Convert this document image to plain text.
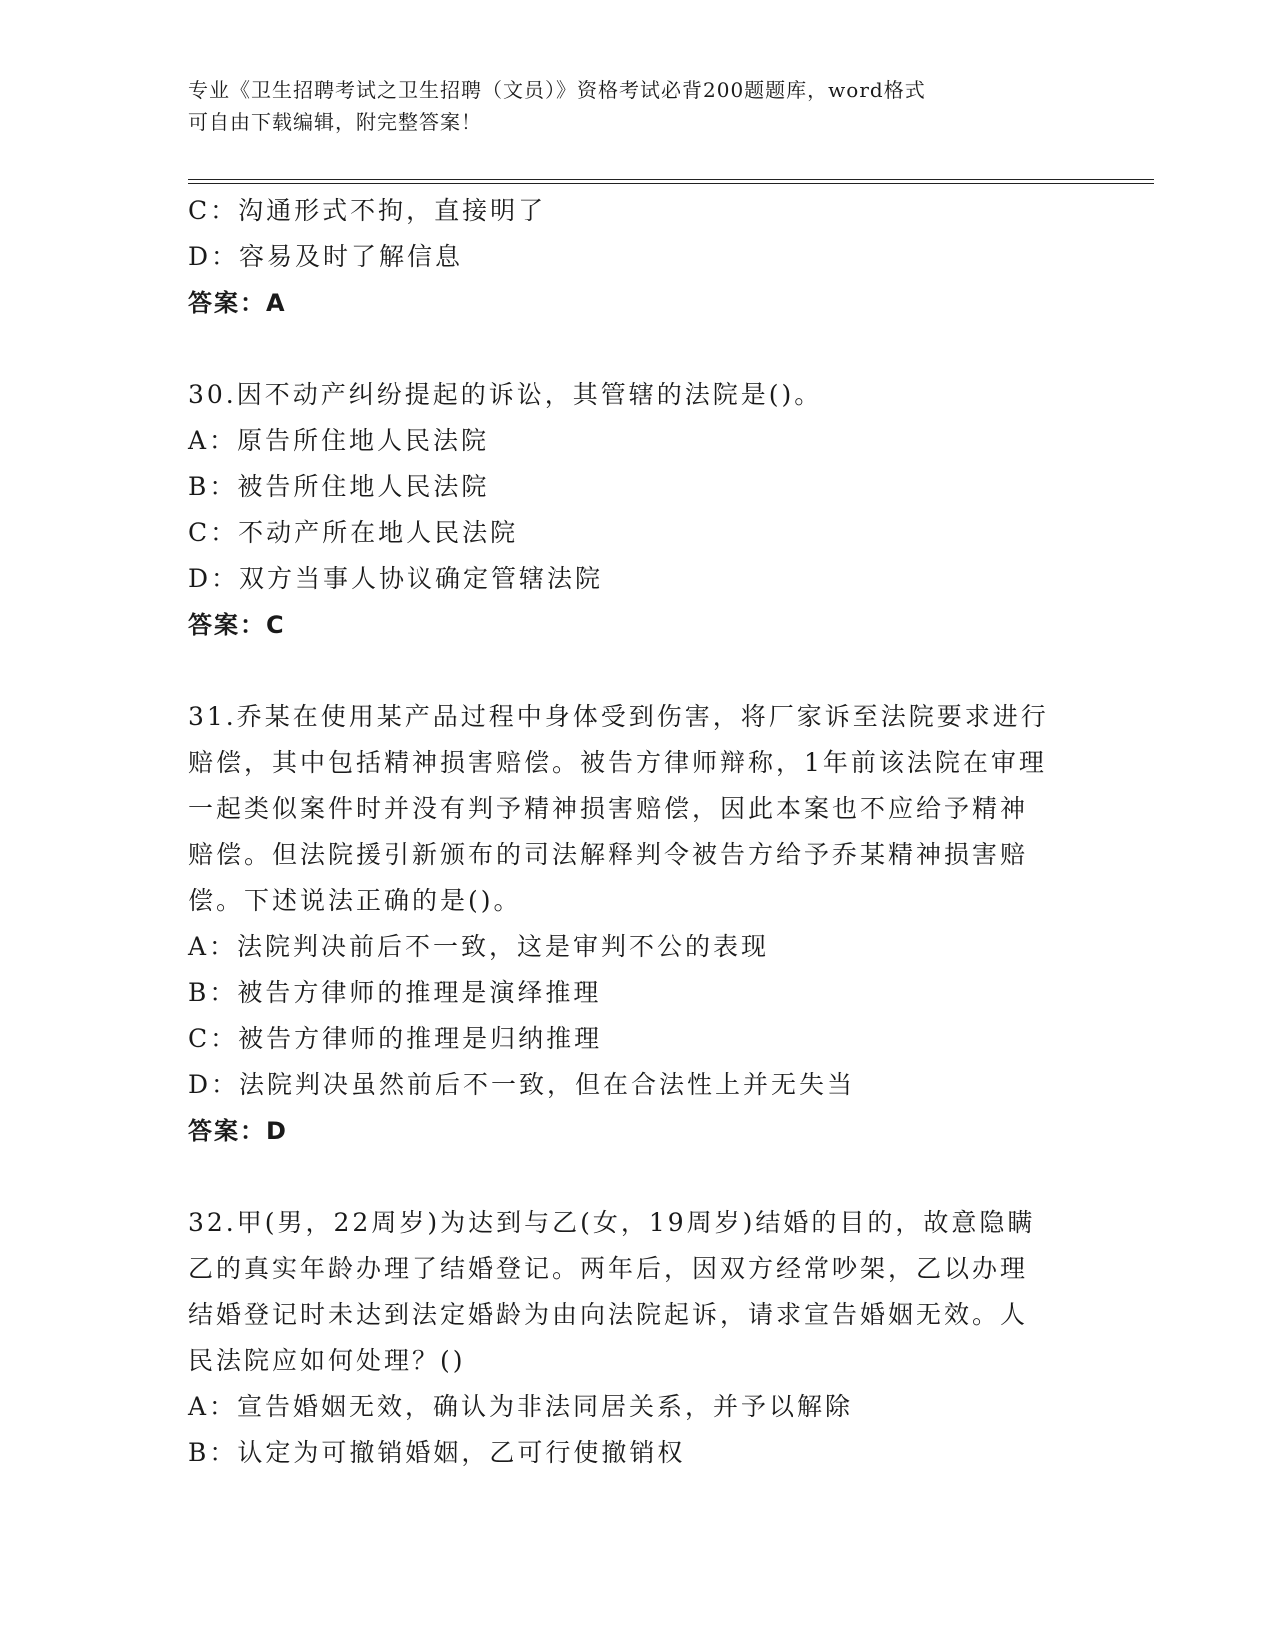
专业《卫生招聘考试之卫生招聘（文员）》资格考试必背200题题库，word格式
可自由下载编辑，附完整答案！
C：沟通形式不拘，直接明了
D：容易及时了解信息
答案：A
30.因不动产纠纷提起的诉讼，其管辖的法院是()。
A：原告所住地人民法院
B：被告所住地人民法院
C：不动产所在地人民法院
D：双方当事人协议确定管辖法院
答案：C
31.乔某在使用某产品过程中身体受到伤害，将厂家诉至法院要求进行
赔偿，其中包括精神损害赔偿。被告方律师辩称，1年前该法院在审理
一起类似案件时并没有判予精神损害赔偿，因此本案也不应给予精神
赔偿。但法院援引新颁布的司法解释判令被告方给予乔某精神损害赔
偿。下述说法正确的是()。
A：法院判决前后不一致，这是审判不公的表现
B：被告方律师的推理是演绎推理
C：被告方律师的推理是归纳推理
D：法院判决虽然前后不一致，但在合法性上并无失当
答案：D
32.甲(男，22周岁)为达到与乙(女，19周岁)结婚的目的，故意隐瞒
乙的真实年龄办理了结婚登记。两年后，因双方经常吵架，乙以办理
结婚登记时未达到法定婚龄为由向法院起诉，请求宣告婚姻无效。人
民法院应如何处理？()
A：宣告婚姻无效，确认为非法同居关系，并予以解除
B：认定为可撤销婚姻，乙可行使撤销权
